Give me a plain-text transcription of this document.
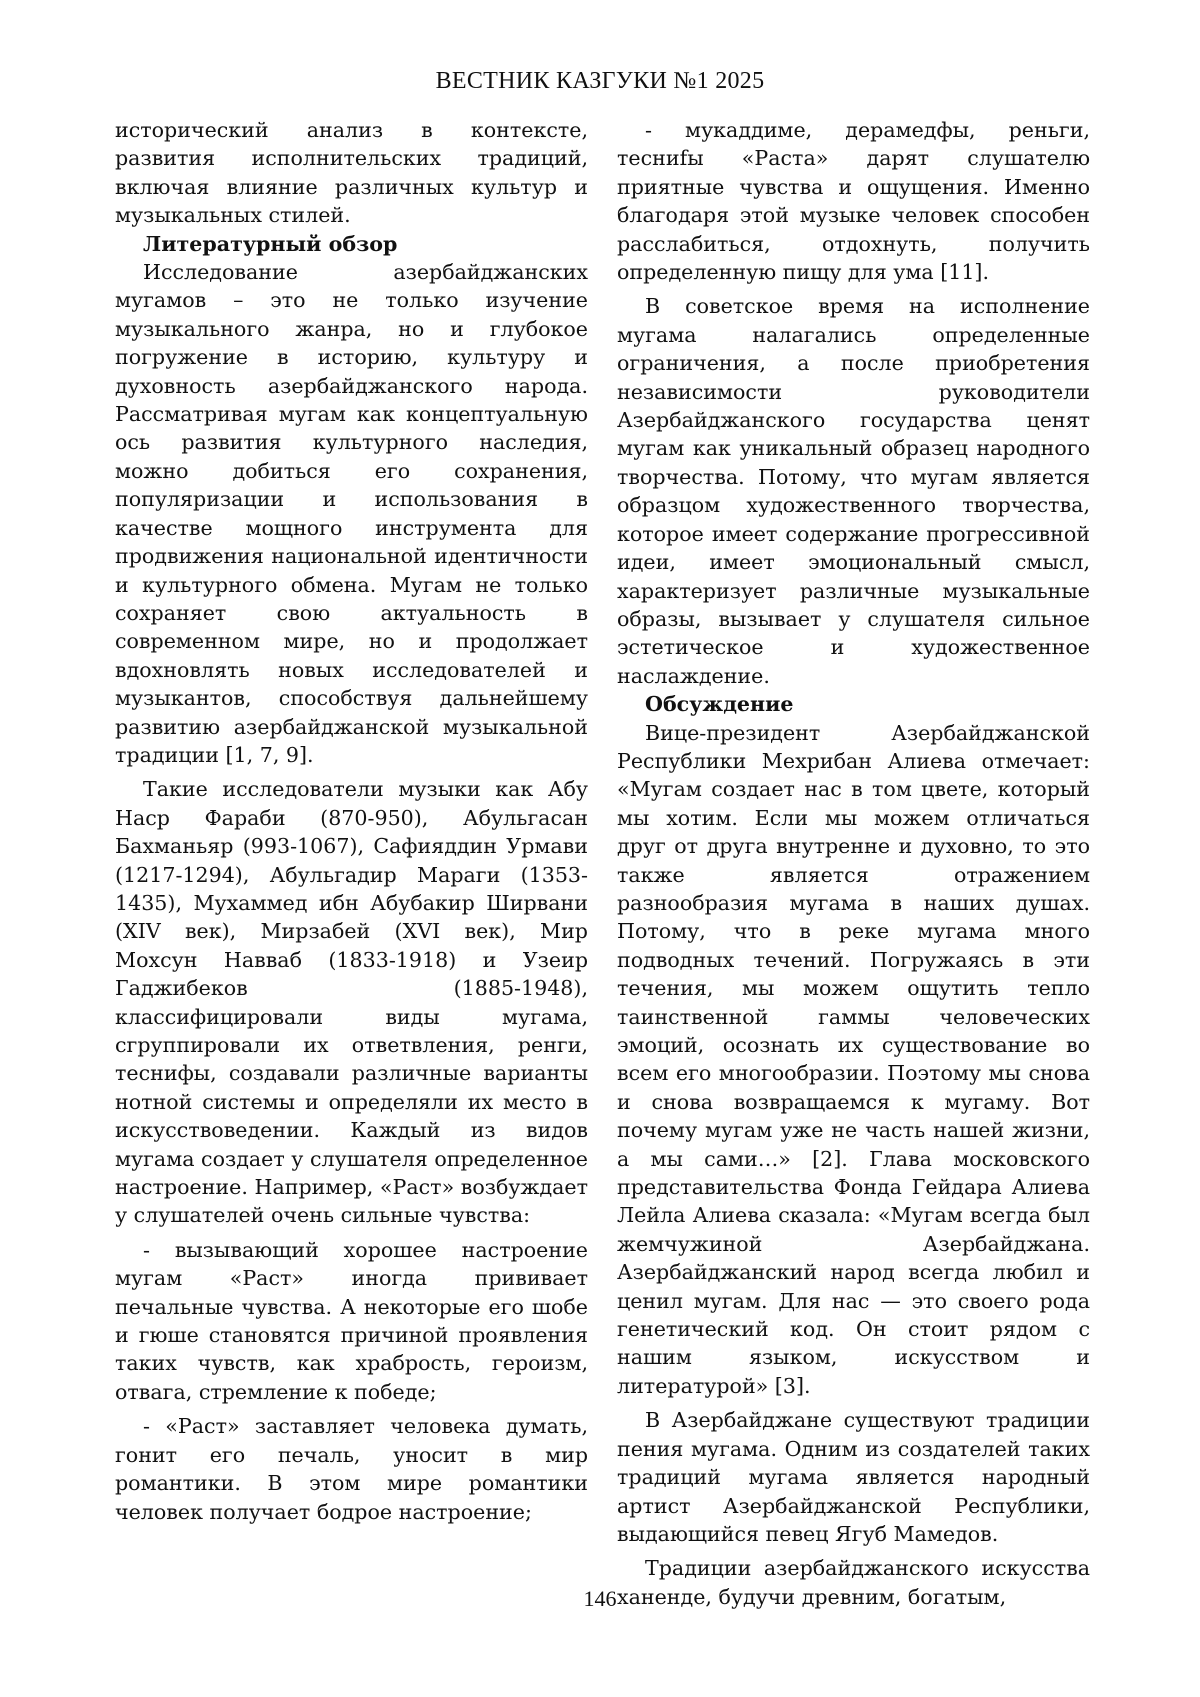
ВЕСТНИК КАЗГУКИ №1 2025

исторический анализ в контексте, развития исполнительских традиций, включая влияние различных культур и музыкальных стилей.

Литературный обзор

Исследование азербайджанских мугамов – это не только изучение музыкального жанра, но и глубокое погружение в историю, культуру и духовность азербайджанского народа. Рассматривая мугам как концептуальную ось развития культурного наследия, можно добиться его сохранения, популяризации и использования в качестве мощного инструмента для продвижения национальной идентичности и культурного обмена. Мугам не только сохраняет свою актуальность в современном мире, но и продолжает вдохновлять новых исследователей и музыкантов, способствуя дальнейшему развитию азербайджанской музыкальной традиции [1, 7, 9].

Такие исследователи музыки как Абу Наср Фараби (870-950), Абульгасан Бахманьяр (993-1067), Сафияддин Урмави (1217-1294), Абульгадир Мараги (1353-1435), Мухаммед ибн Абубакир Ширвани (XIV век), Мирзабей (XVI век), Мир Мохсун Навваб (1833-1918) и Узеир Гаджибеков (1885-1948), классифицировали виды мугама, сгруппировали их ответвления, ренги, теснифы, создавали различные варианты нотной системы и определяли их место в искусствоведении. Каждый из видов мугама создает у слушателя определенное настроение. Например, «Раст» возбуждает у слушателей очень сильные чувства:

- вызывающий хорошее настроение мугам «Раст» иногда прививает печальные чувства. А некоторые его шобе и гюше становятся причиной проявления таких чувств, как храбрость, героизм, отвага, стремление к победе;

- «Раст» заставляет человека думать, гонит его печаль, уносит в мир романтики. В этом мире романтики человек получает бодрое настроение;

- мукаддиме, дерамедфы, реньги, тесниfы «Раста» дарят слушателю приятные чувства и ощущения. Именно благодаря этой музыке человек способен расслабиться, отдохнуть, получить определенную пищу для ума [11].

В советское время на исполнение мугама налагались определенные ограничения, а после приобретения независимости руководители Азербайджанского государства ценят мугам как уникальный образец народного творчества. Потому, что мугам является образцом художественного творчества, которое имеет содержание прогрессивной идеи, имеет эмоциональный смысл, характеризует различные музыкальные образы, вызывает у слушателя сильное эстетическое и художественное наслаждение.

Обсуждение

Вице-президент Азербайджанской Республики Мехрибан Алиева отмечает: «Мугам создает нас в том цвете, который мы хотим. Если мы можем отличаться друг от друга внутренне и духовно, то это также является отражением разнообразия мугама в наших душах. Потому, что в реке мугама много подводных течений. Погружаясь в эти течения, мы можем ощутить тепло таинственной гаммы человеческих эмоций, осознать их существование во всем его многообразии. Поэтому мы снова и снова возвращаемся к мугаму. Вот почему мугам уже не часть нашей жизни, а мы сами…» [2]. Глава московского представительства Фонда Гейдара Алиева Лейла Алиева сказала: «Мугам всегда был жемчужиной Азербайджана. Азербайджанский народ всегда любил и ценил мугам. Для нас — это своего рода генетический код. Он стоит рядом с нашим языком, искусством и литературой» [3].

В Азербайджане существуют традиции пения мугама. Одним из создателей таких традиций мугама является народный артист Азербайджанской Республики, выдающийся певец Ягуб Мамедов.

Традиции азербайджанского искусства ханенде, будучи древним, богатым,

146
